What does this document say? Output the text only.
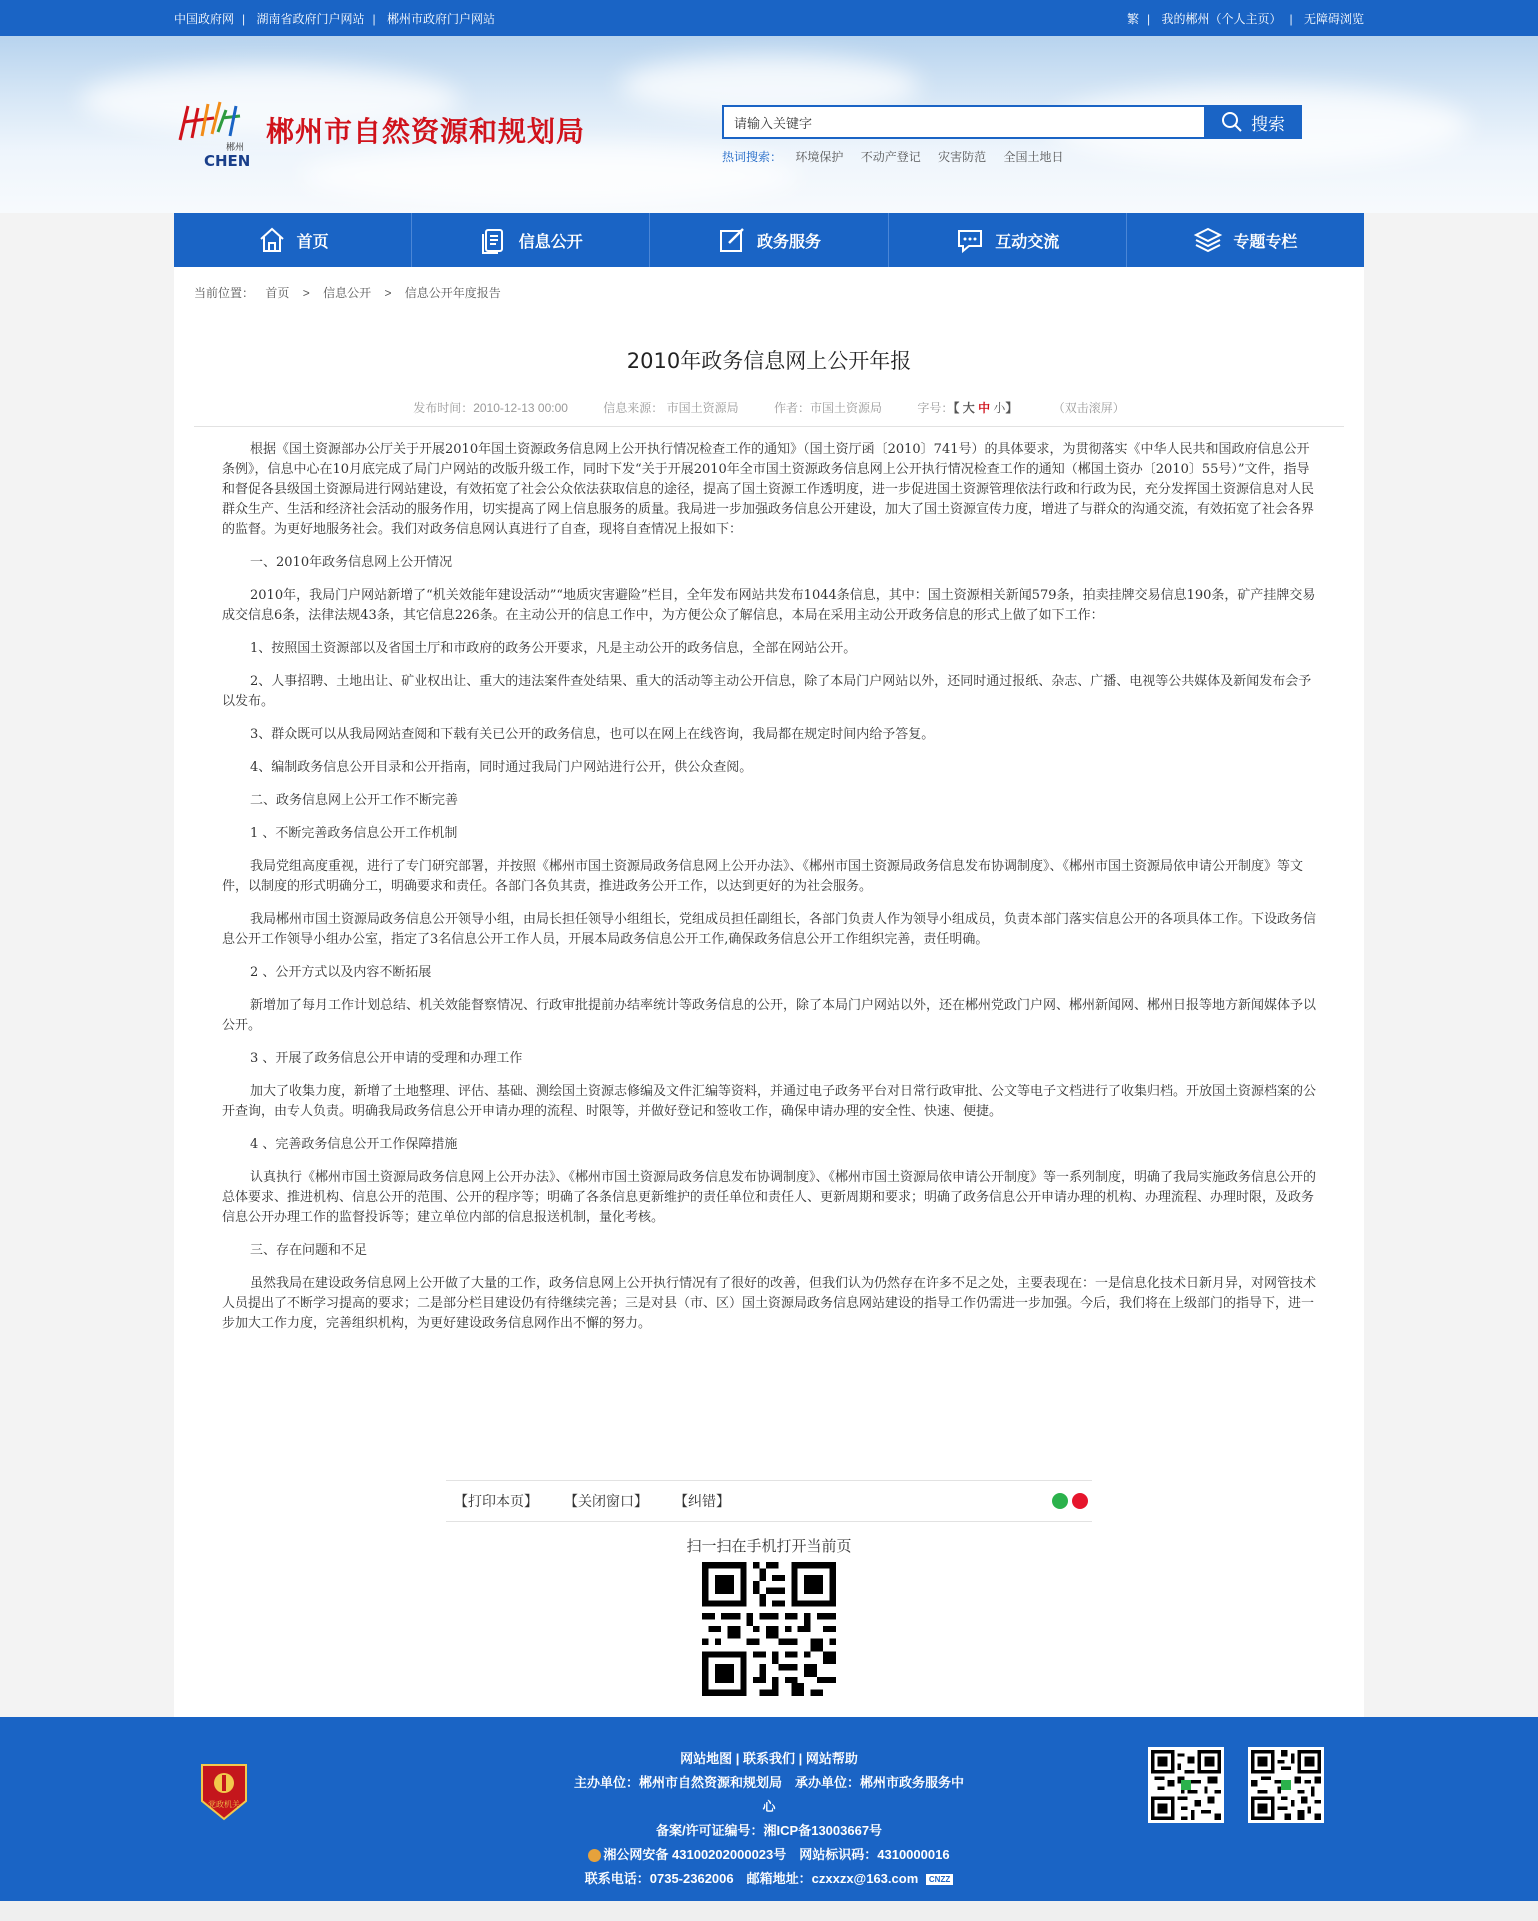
中国政府网 | 湖南省政府门户网站 | 郴州市政府门户网站	繁 | 我的郴州（个人主页） | 无障碍浏览
郴州
CHEN
郴州市自然资源和规划局
请输入关键字	搜索
热词搜索： 环境保护 不动产登记 灾害防范 全国土地日
首页	信息公开	政务服务	互动交流	专题专栏
当前位置： 首页 > 信息公开 > 信息公开年度报告
2010年政务信息网上公开年报
发布时间：2010-12-13 00:00	信息来源： 市国土资源局	作者：市国土资源局	字号：【 大 中 小】	（双击滚屏）

根据《国土资源部办公厅关于开展2010年国土资源政务信息网上公开执行情况检查工作的通知》（国土资厅函〔2010〕741号）的具体要求，为贯彻落实《中华人民共和国政府信息公开条例》，信息中心在10月底完成了局门户网站的改版升级工作，同时下发“关于开展2010年全市国土资源政务信息网上公开执行情况检查工作的通知（郴国土资办〔2010〕55号）”文件，指导和督促各县级国土资源局进行网站建设，有效拓宽了社会公众依法获取信息的途径，提高了国土资源工作透明度，进一步促进国土资源管理依法行政和行政为民，充分发挥国土资源信息对人民群众生产、生活和经济社会活动的服务作用，切实提高了网上信息服务的质量。我局进一步加强政务信息公开建设，加大了国土资源宣传力度，增进了与群众的沟通交流，有效拓宽了社会各界的监督。为更好地服务社会。我们对政务信息网认真进行了自查，现将自查情况上报如下：

一、2010年政务信息网上公开情况

2010年，我局门户网站新增了“机关效能年建设活动”“地质灾害避险”栏目，全年发布网站共发布1044条信息，其中：国土资源相关新闻579条，拍卖挂牌交易信息190条，矿产挂牌交易成交信息6条，法律法规43条，其它信息226条。在主动公开的信息工作中，为方便公众了解信息，本局在采用主动公开政务信息的形式上做了如下工作：

1、按照国土资源部以及省国土厅和市政府的政务公开要求，凡是主动公开的政务信息，全部在网站公开。

2、人事招聘、土地出让、矿业权出让、重大的违法案件查处结果、重大的活动等主动公开信息，除了本局门户网站以外，还同时通过报纸、杂志、广播、电视等公共媒体及新闻发布会予以发布。

3、群众既可以从我局网站查阅和下载有关已公开的政务信息，也可以在网上在线咨询，我局都在规定时间内给予答复。

4、编制政务信息公开目录和公开指南，同时通过我局门户网站进行公开，供公众查阅。

二、政务信息网上公开工作不断完善

1 、不断完善政务信息公开工作机制

我局党组高度重视，进行了专门研究部署，并按照《郴州市国土资源局政务信息网上公开办法》、《郴州市国土资源局政务信息发布协调制度》、《郴州市国土资源局依申请公开制度》等文件，以制度的形式明确分工，明确要求和责任。各部门各负其责，推进政务公开工作，以达到更好的为社会服务。

我局郴州市国土资源局政务信息公开领导小组，由局长担任领导小组组长，党组成员担任副组长，各部门负责人作为领导小组成员，负责本部门落实信息公开的各项具体工作。下设政务信息公开工作领导小组办公室，指定了3名信息公开工作人员，开展本局政务信息公开工作,确保政务信息公开工作组织完善，责任明确。

2 、公开方式以及内容不断拓展

新增加了每月工作计划总结、机关效能督察情况、行政审批提前办结率统计等政务信息的公开，除了本局门户网站以外，还在郴州党政门户网、郴州新闻网、郴州日报等地方新闻媒体予以公开。

3 、开展了政务信息公开申请的受理和办理工作

加大了收集力度，新增了土地整理、评估、基础、测绘国土资源志修编及文件汇编等资料，并通过电子政务平台对日常行政审批、公文等电子文档进行了收集归档。开放国土资源档案的公开查询，由专人负责。明确我局政务信息公开申请办理的流程、时限等，并做好登记和签收工作，确保申请办理的安全性、快速、便捷。

4 、完善政务信息公开工作保障措施

认真执行《郴州市国土资源局政务信息网上公开办法》、《郴州市国土资源局政务信息发布协调制度》、《郴州市国土资源局依申请公开制度》等一系列制度，明确了我局实施政务信息公开的总体要求、推进机构、信息公开的范围、公开的程序等；明确了各条信息更新维护的责任单位和责任人、更新周期和要求；明确了政务信息公开申请办理的机构、办理流程、办理时限，及政务信息公开办理工作的监督投诉等；建立单位内部的信息报送机制，量化考核。

三、存在问题和不足

虽然我局在建设政务信息网上公开做了大量的工作，政务信息网上公开执行情况有了很好的改善，但我们认为仍然存在许多不足之处，主要表现在：一是信息化技术日新月异，对网管技术人员提出了不断学习提高的要求；二是部分栏目建设仍有待继续完善；三是对县（市、区）国土资源局政务信息网站建设的指导工作仍需进一步加强。今后，我们将在上级部门的指导下，进一步加大工作力度，完善组织机构，为更好建设政务信息网作出不懈的努力。

【打印本页】 【关闭窗口】 【纠错】
扫一扫在手机打开当前页
党政机关
网站地图 | 联系我们 | 网站帮助
主办单位：郴州市自然资源和规划局　承办单位：郴州市政务服务中心
备案/许可证编号：湘ICP备13003667号
湘公网安备 43100202000023号　网站标识码：4310000016
联系电话：0735-2362006　邮箱地址：czxxzx@163.com CNZZ
